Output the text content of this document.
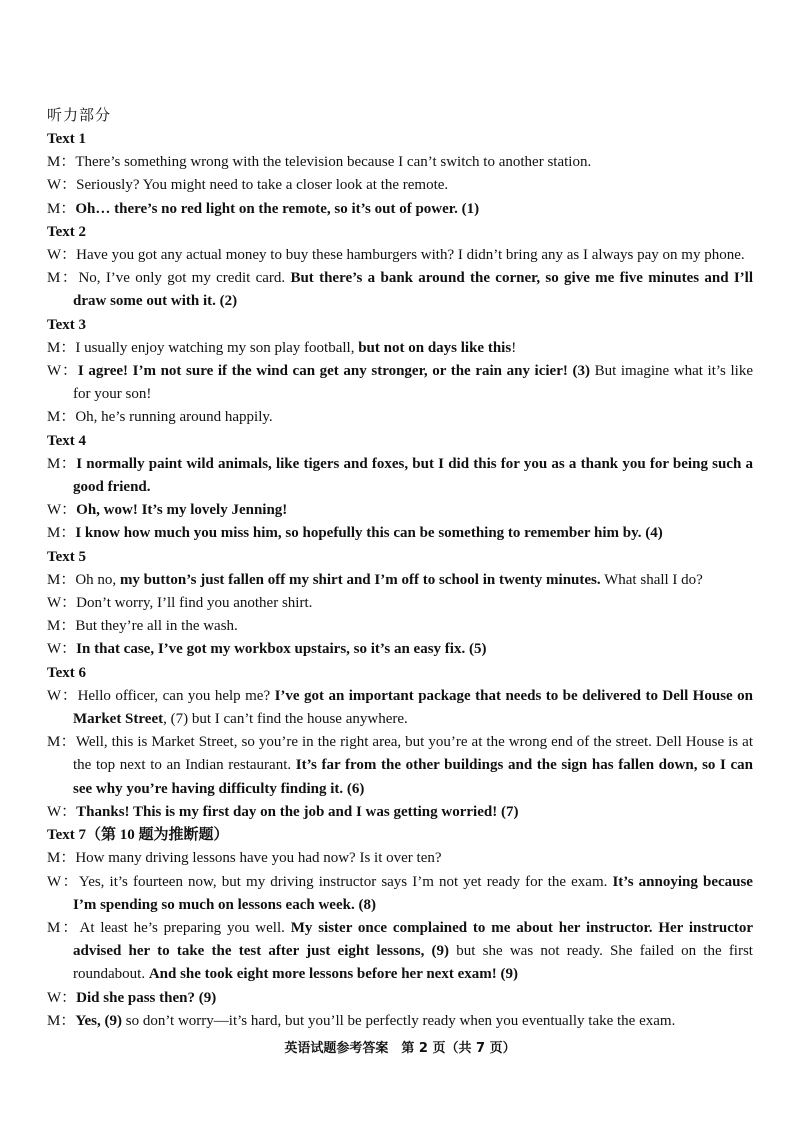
听力部分
Text 1
M：There’s something wrong with the television because I can’t switch to another station.
W：Seriously? You might need to take a closer look at the remote.
M：Oh… there’s no red light on the remote, so it’s out of power. (1)
Text 2
W：Have you got any actual money to buy these hamburgers with? I didn’t bring any as I always pay on my phone.
M：No, I’ve only got my credit card. But there’s a bank around the corner, so give me five minutes and I’ll draw some out with it. (2)
Text 3
M：I usually enjoy watching my son play football, but not on days like this!
W：I agree! I’m not sure if the wind can get any stronger, or the rain any icier! (3) But imagine what it’s like for your son!
M：Oh, he’s running around happily.
Text 4
M：I normally paint wild animals, like tigers and foxes, but I did this for you as a thank you for being such a good friend.
W：Oh, wow! It’s my lovely Jenning!
M：I know how much you miss him, so hopefully this can be something to remember him by. (4)
Text 5
M：Oh no, my button’s just fallen off my shirt and I’m off to school in twenty minutes. What shall I do?
W：Don’t worry, I’ll find you another shirt.
M：But they’re all in the wash.
W：In that case, I’ve got my workbox upstairs, so it’s an easy fix. (5)
Text 6
W：Hello officer, can you help me? I’ve got an important package that needs to be delivered to Dell House on Market Street, (7) but I can’t find the house anywhere.
M：Well, this is Market Street, so you’re in the right area, but you’re at the wrong end of the street. Dell House is at the top next to an Indian restaurant. It’s far from the other buildings and the sign has fallen down, so I can see why you’re having difficulty finding it. (6)
W：Thanks! This is my first day on the job and I was getting worried! (7)
Text 7（第 10 题为推断题）
M：How many driving lessons have you had now? Is it over ten?
W：Yes, it’s fourteen now, but my driving instructor says I’m not yet ready for the exam. It’s annoying because I’m spending so much on lessons each week. (8)
M：At least he’s preparing you well. My sister once complained to me about her instructor. Her instructor advised her to take the test after just eight lessons, (9) but she was not ready. She failed on the first roundabout. And she took eight more lessons before her next exam! (9)
W：Did she pass then? (9)
M：Yes, (9) so don’t worry—it’s hard, but you’ll be perfectly ready when you eventually take the exam.
英语试题参考答案　第 2 页（共 7 页）
